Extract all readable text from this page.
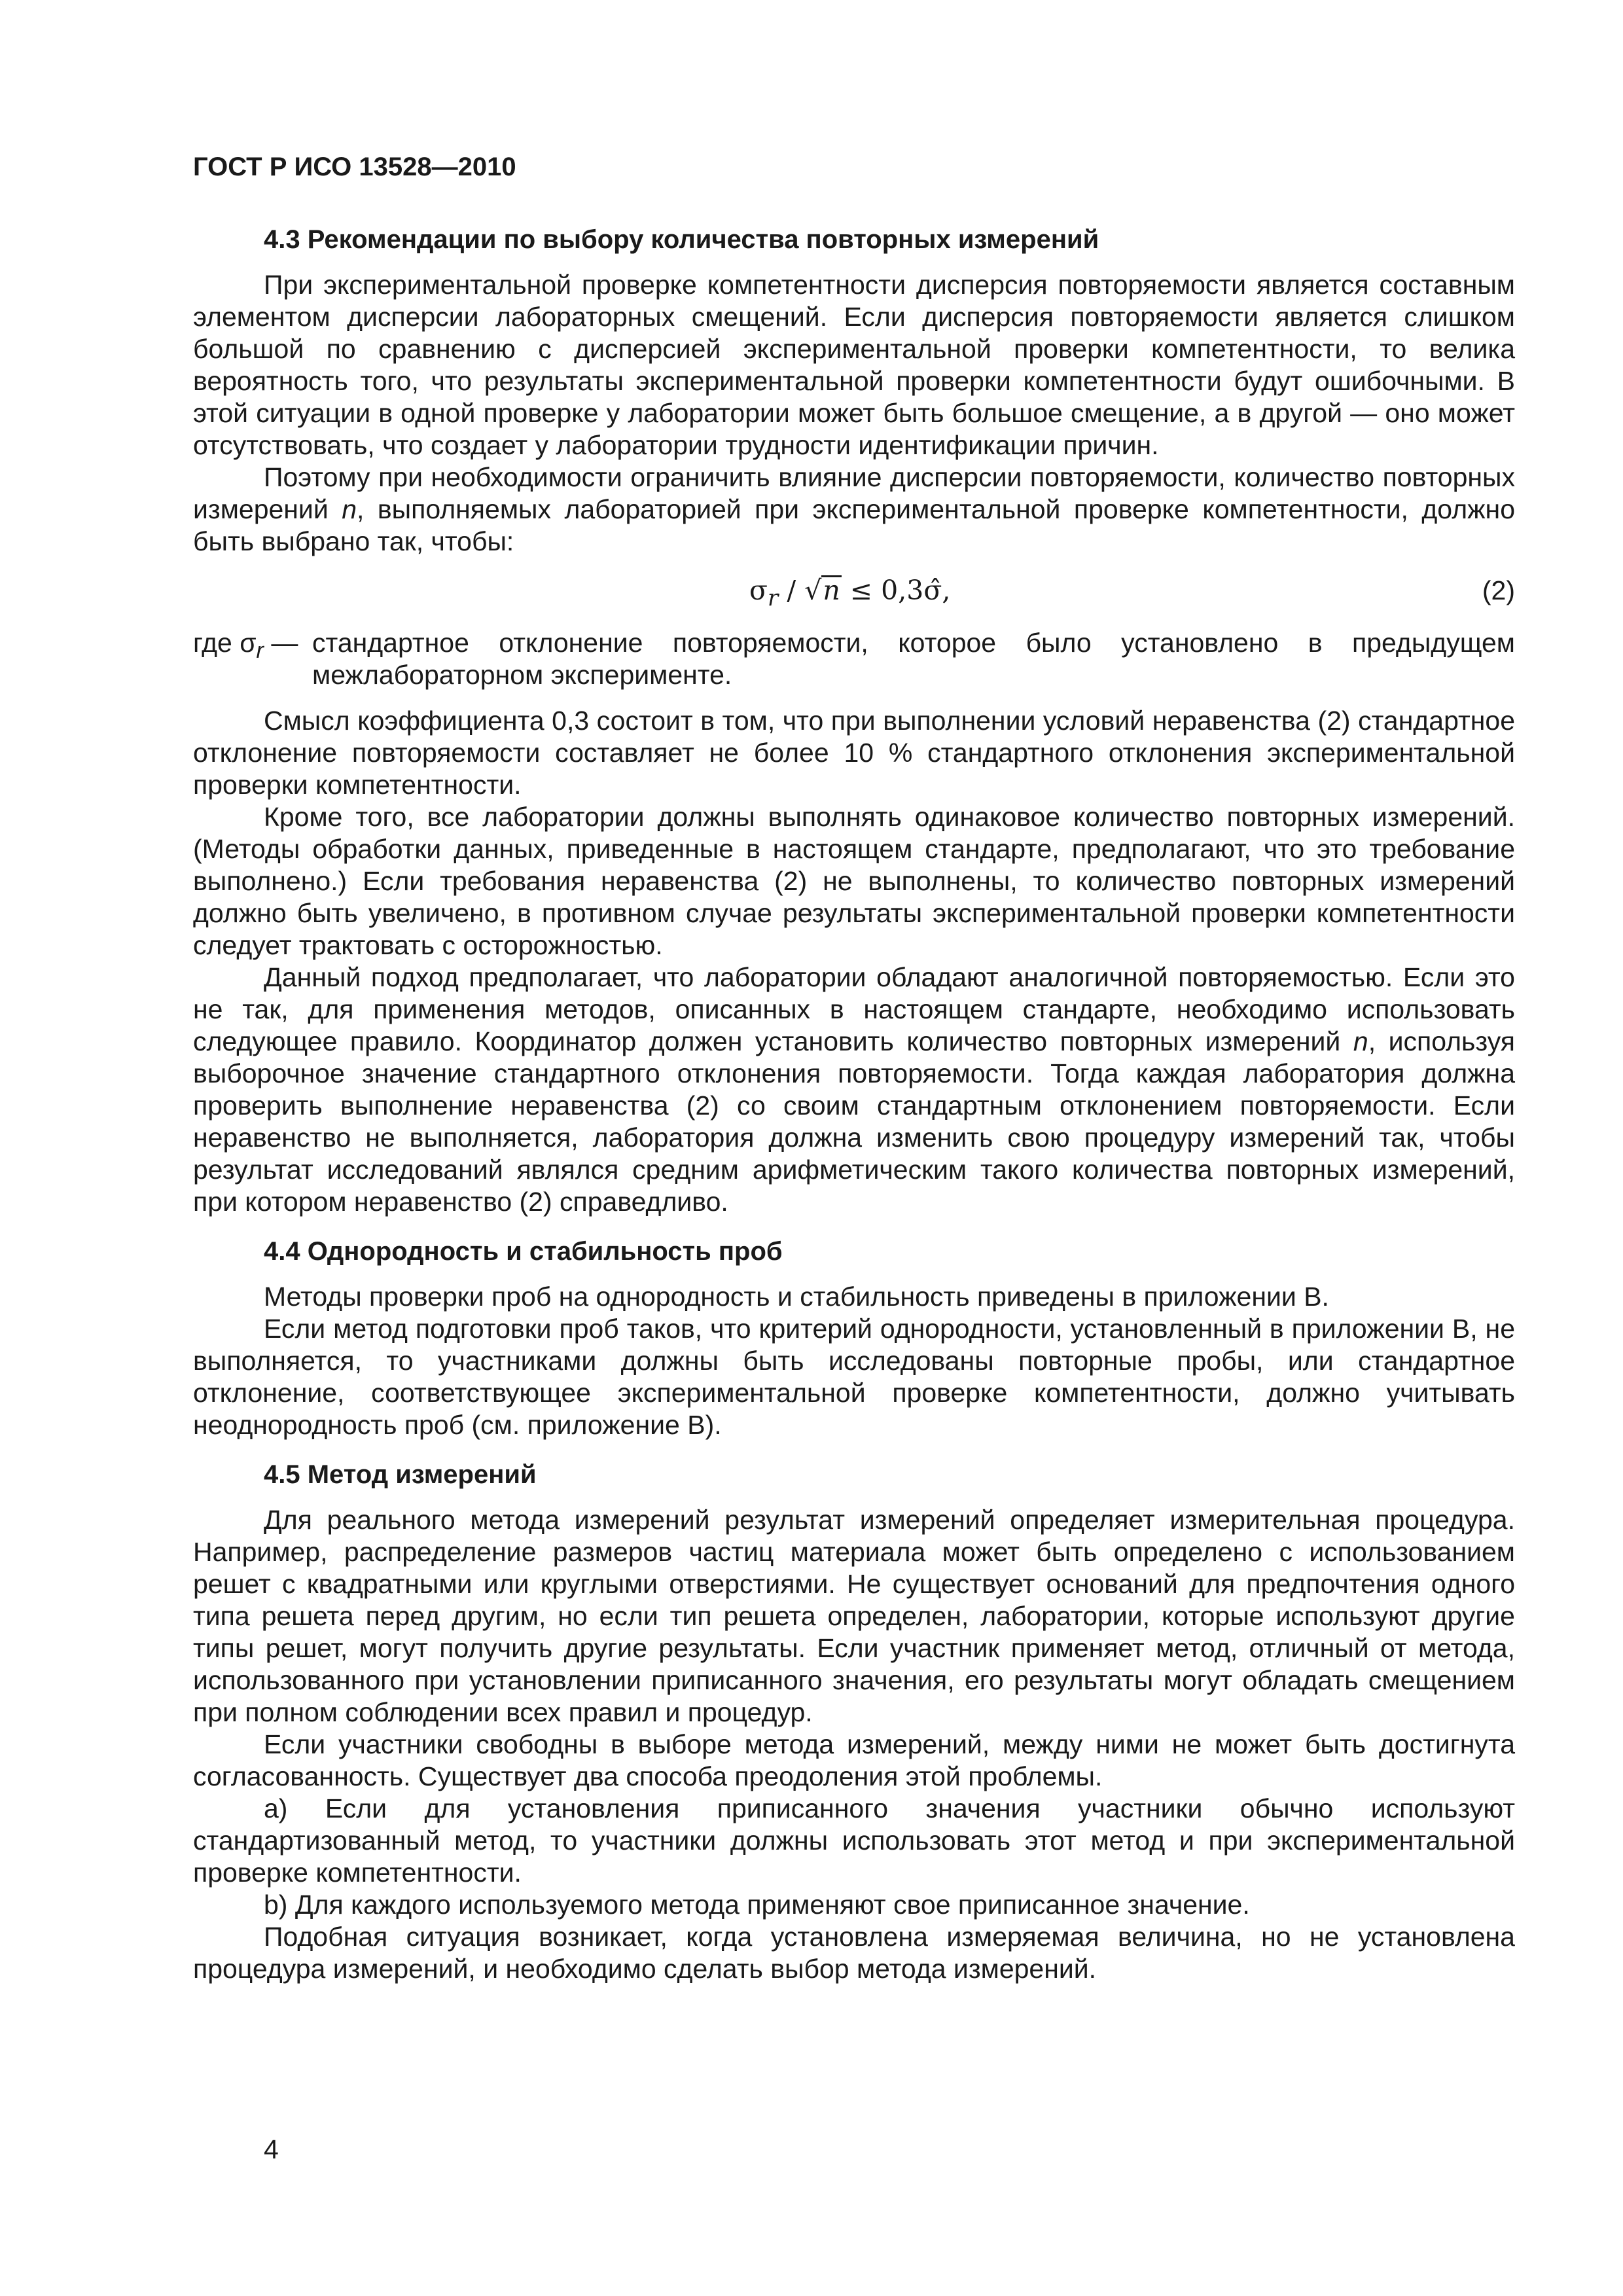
ГОСТ Р ИСО 13528—2010
4.3 Рекомендации по выбору количества повторных измерений

При экспериментальной проверке компетентности дисперсия повторяемости является составным элементом дисперсии лабораторных смещений. Если дисперсия повторяемости является слишком большой по сравнению с дисперсией экспериментальной проверки компетентности, то велика вероятность того, что результаты экспериментальной проверки компетентности будут ошибочными. В этой ситуации в одной проверке у лаборатории может быть большое смещение, а в другой — оно может отсутствовать, что создает у лаборатории трудности идентификации причин.

Поэтому при необходимости ограничить влияние дисперсии повторяемости, количество повторных измерений n, выполняемых лабораторией при экспериментальной проверке компетентности, должно быть выбрано так, чтобы:

$\sigma_r / √n$ ≤ 0,3σ̂,	(2)
где $\sigma_r$ — стандартное отклонение повторяемости, которое было установлено в предыдущем межлабораторном эксперименте.

Смысл коэффициента 0,3 состоит в том, что при выполнении условий неравенства (2) стандартное отклонение повторяемости составляет не более 10 % стандартного отклонения экспериментальной проверки компетентности.

Кроме того, все лаборатории должны выполнять одинаковое количество повторных измерений. (Методы обработки данных, приведенные в настоящем стандарте, предполагают, что это требование выполнено.) Если требования неравенства (2) не выполнены, то количество повторных измерений должно быть увеличено, в противном случае результаты экспериментальной проверки компетентности следует трактовать с осторожностью.

Данный подход предполагает, что лаборатории обладают аналогичной повторяемостью. Если это не так, для применения методов, описанных в настоящем стандарте, необходимо использовать следующее правило. Координатор должен установить количество повторных измерений n, используя выборочное значение стандартного отклонения повторяемости. Тогда каждая лаборатория должна проверить выполнение неравенства (2) со своим стандартным отклонением повторяемости. Если неравенство не выполняется, лаборатория должна изменить свою процедуру измерений так, чтобы результат исследований являлся средним арифметическим такого количества повторных измерений, при котором неравенство (2) справедливо.

4.4 Однородность и стабильность проб

Методы проверки проб на однородность и стабильность приведены в приложении В.

Если метод подготовки проб таков, что критерий однородности, установленный в приложении В, не выполняется, то участниками должны быть исследованы повторные пробы, или стандартное отклонение, соответствующее экспериментальной проверке компетентности, должно учитывать неоднородность проб (см. приложение В).

4.5 Метод измерений

Для реального метода измерений результат измерений определяет измерительная процедура. Например, распределение размеров частиц материала может быть определено с использованием решет с квадратными или круглыми отверстиями. Не существует оснований для предпочтения одного типа решета перед другим, но если тип решета определен, лаборатории, которые используют другие типы решет, могут получить другие результаты. Если участник применяет метод, отличный от метода, использованного при установлении приписанного значения, его результаты могут обладать смещением при полном соблюдении всех правил и процедур.

Если участники свободны в выборе метода измерений, между ними не может быть достигнута согласованность. Существует два способа преодоления этой проблемы.

a) Если для установления приписанного значения участники обычно используют стандартизованный метод, то участники должны использовать этот метод и при экспериментальной проверке компетентности.

b) Для каждого используемого метода применяют свое приписанное значение.

Подобная ситуация возникает, когда установлена измеряемая величина, но не установлена процедура измерений, и необходимо сделать выбор метода измерений.

4
